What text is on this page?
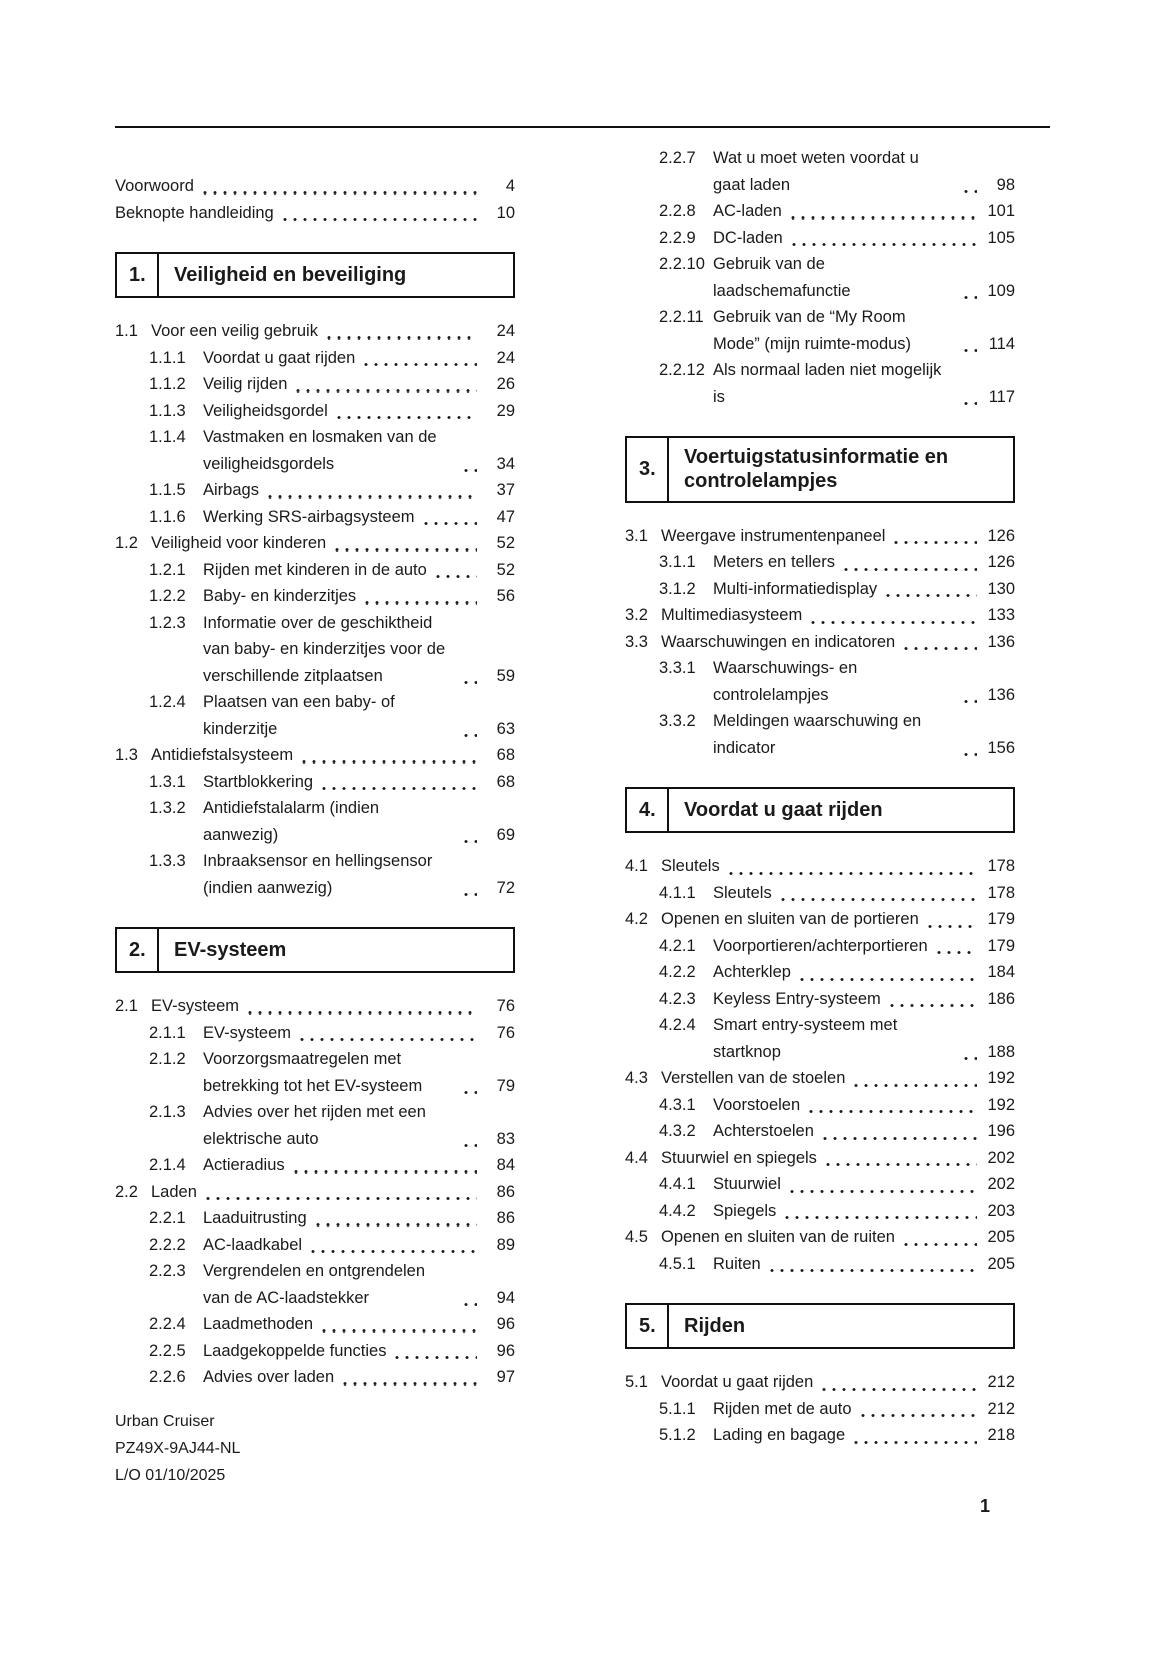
Voorwoord	4
Beknopte handleiding	10
1.	Veiligheid en beveiliging
1.1 Voor een veilig gebruik	24
1.1.1	Voordat u gaat rijden	24
1.1.2	Veilig rijden	26
1.1.3	Veiligheidsgordel	29
1.1.4	Vastmaken en losmaken van de veiligheidsgordels	34
1.1.5	Airbags	37
1.1.6	Werking SRS-airbagsysteem	47
1.2 Veiligheid voor kinderen	52
1.2.1	Rijden met kinderen in de auto	52
1.2.2	Baby- en kinderzitjes	56
1.2.3	Informatie over de geschiktheid van baby- en kinderzitjes voor de verschillende zitplaatsen	59
1.2.4	Plaatsen van een baby- of kinderzitje	63
1.3 Antidiefstalsysteem	68
1.3.1	Startblokkering	68
1.3.2	Antidiefstalalarm (indien aanwezig)	69
1.3.3	Inbraaksensor en hellingsensor (indien aanwezig)	72
2.	EV-systeem
2.1 EV-systeem	76
2.1.1	EV-systeem	76
2.1.2	Voorzorgsmaatregelen met betrekking tot het EV-systeem	79
2.1.3	Advies over het rijden met een elektrische auto	83
2.1.4	Actieradius	84
2.2 Laden	86
2.2.1	Laaduitrusting	86
2.2.2	AC-laadkabel	89
2.2.3	Vergrendelen en ontgrendelen van de AC-laadstekker	94
2.2.4	Laadmethoden	96
2.2.5	Laadgekoppelde functies	96
2.2.6	Advies over laden	97
2.2.7	Wat u moet weten voordat u gaat laden	98
2.2.8	AC-laden	101
2.2.9	DC-laden	105
2.2.10 Gebruik van de laadschemafunctie	109
2.2.11 Gebruik van de “My Room Mode” (mijn ruimte-modus)	114
2.2.12 Als normaal laden niet mogelijk is	117
3.
Voertuigstatusinformatie en controlelampjes
3.1 Weergave instrumentenpaneel	126
3.1.1	Meters en tellers	126
3.1.2	Multi-informatiedisplay	130
3.2 Multimediasysteem	133
3.3 Waarschuwingen en indicatoren	136
3.3.1	Waarschuwings- en controlelampjes	136
3.3.2	Meldingen waarschuwing en indicator	156
4.	Voordat u gaat rijden
4.1 Sleutels	178
4.1.1	Sleutels	178
4.2 Openen en sluiten van de portieren	179
4.2.1	Voorportieren/achterportieren	179
4.2.2	Achterklep	184
4.2.3	Keyless Entry-systeem	186
4.2.4	Smart entry-systeem met startknop	188
4.3 Verstellen van de stoelen	192
4.3.1	Voorstoelen	192
4.3.2	Achterstoelen	196
4.4 Stuurwiel en spiegels	202
4.4.1	Stuurwiel	202
4.4.2	Spiegels	203
4.5 Openen en sluiten van de ruiten	205
4.5.1	Ruiten	205
5.	Rijden
5.1 Voordat u gaat rijden	212
5.1.1	Rijden met de auto	212
5.1.2	Lading en bagage	218
Urban Cruiser
PZ49X-9AJ44-NL
L/O 01/10/2025
1
